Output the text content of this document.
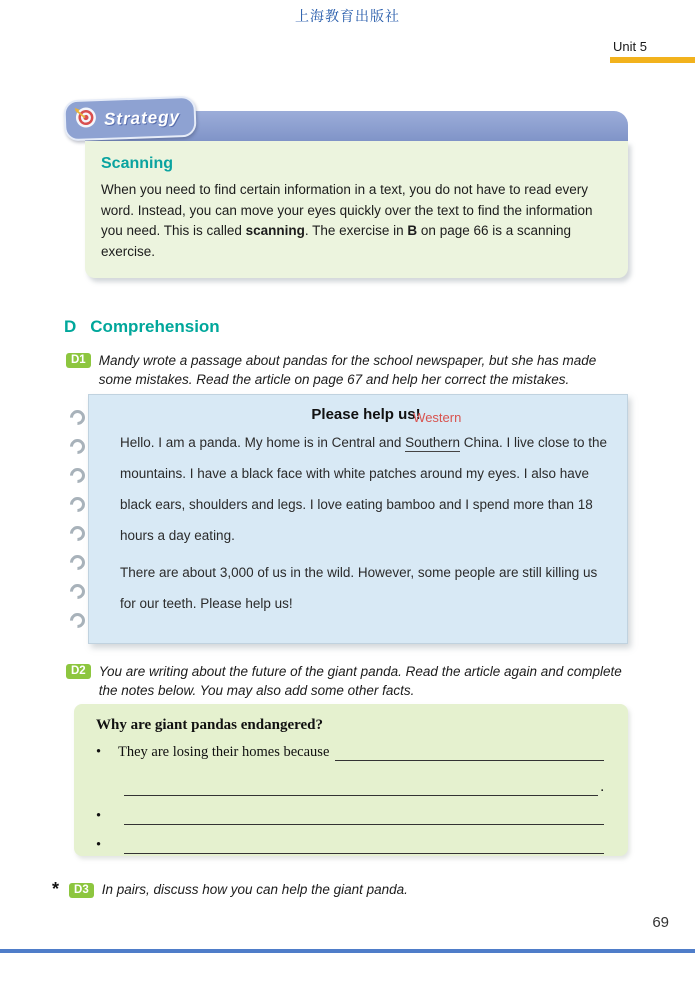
上海教育出版社
Unit 5
Strategy
Scanning

When you need to find certain information in a text, you do not have to read every word. Instead, you can move your eyes quickly over the text to find the information you need. This is called scanning. The exercise in B on page 66 is a scanning exercise.

D Comprehension
D1 Mandy wrote a passage about pandas for the school newspaper, but she has made some mistakes. Read the article on page 67 and help her correct the mistakes.
Please help us!

Hello. I am a panda. My home is in Central and
Western
Southern China. I live close to the mountains. I have a black face with white patches around my eyes. I also have black ears, shoulders and legs. I love eating bamboo and I spend more than 18 hours a day eating.

There are about 3,000 of us in the wild. However, some people are still killing us for our teeth. Please help us!

D2 You are writing about the future of the giant panda. Read the article again and complete the notes below. You may also add some other facts.
Why are giant pandas endangered?
•	They are losing their homes because
.
•
•
*	D3 In pairs, discuss how you can help the giant panda.
69
